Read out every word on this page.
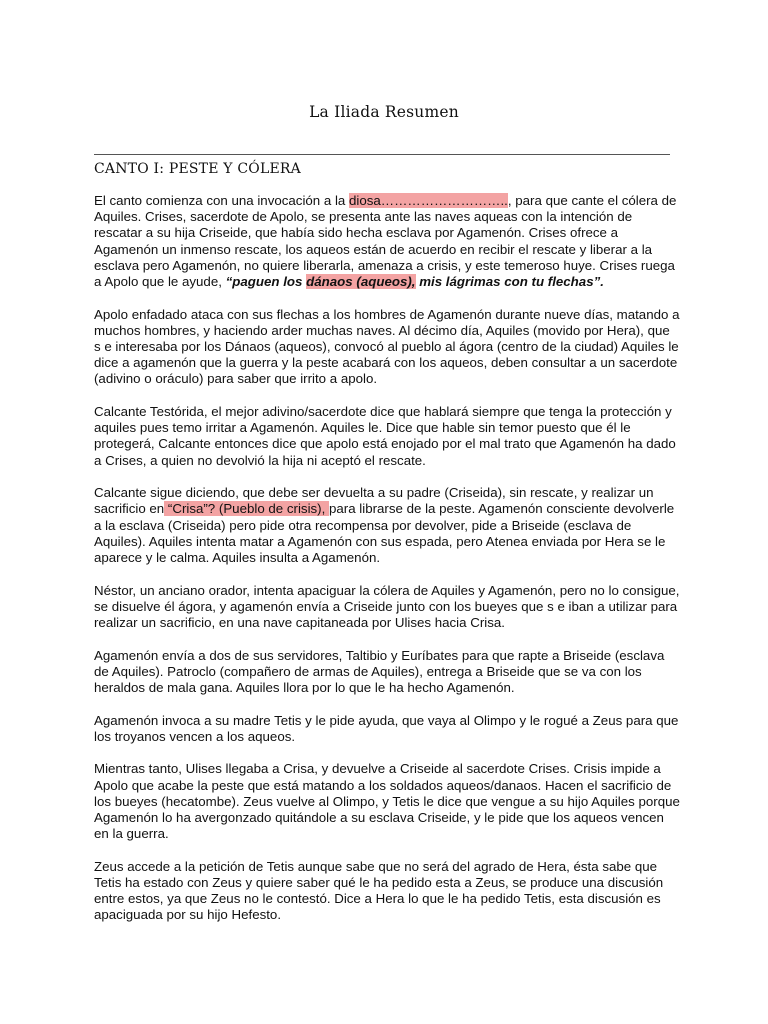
La Iliada Resumen
CANTO I: PESTE Y CÓLERA

El canto comienza con una invocación a la diosa……………………….., para que cante el cólera de Aquiles. Crises, sacerdote de Apolo, se presenta ante las naves aqueas con la intención de rescatar a su hija Criseide, que había sido hecha esclava por Agamenón. Crises ofrece a Agamenón un inmenso rescate, los aqueos están de acuerdo en recibir el rescate y liberar a la esclava pero Agamenón, no quiere liberarla, amenaza a crisis, y este temeroso huye. Crises ruega a Apolo que le ayude, “paguen los dánaos (aqueos), mis lágrimas con tu flechas”.

Apolo enfadado ataca con sus flechas a los hombres de Agamenón durante nueve días, matando a muchos hombres, y haciendo arder muchas naves. Al décimo día, Aquiles (movido por Hera), que s e interesaba por los Dánaos (aqueos), convocó al pueblo al ágora (centro de la ciudad) Aquiles le dice a agamenón que la guerra y la peste acabará con los aqueos, deben consultar a un sacerdote (adivino o oráculo) para saber que irrito a apolo.

Calcante Testórida, el mejor adivino/sacerdote dice que hablará siempre que tenga la protección y aquiles pues temo irritar a Agamenón. Aquiles le. Dice que hable sin temor puesto que él le protegerá, Calcante entonces dice que apolo está enojado por el mal trato que Agamenón ha dado a Crises, a quien no devolvió la hija ni aceptó el rescate.

Calcante sigue diciendo, que debe ser devuelta a su padre (Criseida), sin rescate, y realizar un sacrificio en “Crisa”? (Pueblo de crisis), para librarse de la peste. Agamenón consciente devolverle a la esclava (Criseida) pero pide otra recompensa por devolver, pide a Briseide (esclava de Aquiles). Aquiles intenta matar a Agamenón con sus espada, pero Atenea enviada por Hera se le aparece y le calma. Aquiles insulta a Agamenón.

Néstor, un anciano orador, intenta apaciguar la cólera de Aquiles y Agamenón, pero no lo consigue, se disuelve él ágora, y agamenón envía a Criseide junto con los bueyes que s e iban a utilizar para realizar un sacrificio, en una nave capitaneada por Ulises hacia Crisa.

Agamenón envía a dos de sus servidores, Taltibio y Euríbates para que rapte a Briseide (esclava de Aquiles). Patroclo (compañero de armas de Aquiles), entrega a Briseide que se va con los heraldos de mala gana. Aquiles llora por lo que le ha hecho Agamenón.

Agamenón invoca a su madre Tetis y le pide ayuda, que vaya al Olimpo y le rogué a Zeus para que los troyanos vencen a los aqueos.

Mientras tanto, Ulises llegaba a Crisa, y devuelve a Criseide al sacerdote Crises. Crisis impide a Apolo que acabe la peste que está matando a los soldados aqueos/danaos. Hacen el sacrificio de los bueyes (hecatombe). Zeus vuelve al Olimpo, y Tetis le dice que vengue a su hijo Aquiles porque Agamenón lo ha avergonzado quitándole a su esclava Criseide, y le pide que los aqueos vencen en la guerra.

Zeus accede a la petición de Tetis aunque sabe que no será del agrado de Hera, ésta sabe que Tetis ha estado con Zeus y quiere saber qué le ha pedido esta a Zeus, se produce una discusión entre estos, ya que Zeus no le contestó. Dice a Hera lo que le ha pedido Tetis, esta discusión es apaciguada por su hijo Hefesto.
